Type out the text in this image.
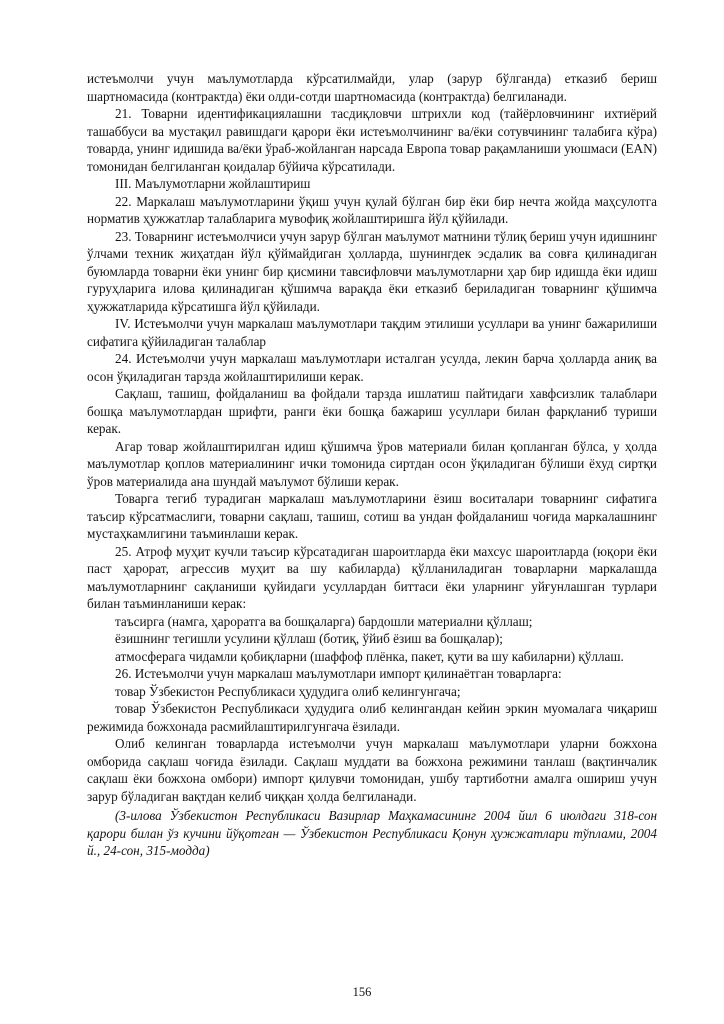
истеъмолчи учун маълумотларда кўрсатилмайди, улар (зарур бўлганда) етказиб бериш шартномасида (контрактда) ёки олди-сотди шартномасида (контрактда) белгиланади.

21. Товарни идентификациялашни тасдиқловчи штрихли код (тайёрловчининг ихтиёрий ташаббуси ва мустақил равишдаги қарори ёки истеъмолчининг ва/ёки сотувчининг талабига кўра) товарда, унинг идишида ва/ёки ўраб-жойланган нарсада Европа товар рақамланиши уюшмаси (EAN) томонидан белгиланган қоидалар бўйича кўрсатилади.

III. Маълумотларни жойлаштириш

22. Маркалаш маълумотларини ўқиш учун қулай бўлган бир ёки бир нечта жойда маҳсулотга норматив ҳужжатлар талабларига мувофиқ жойлаштиришга йўл қўйилади.

23. Товарнинг истеъмолчиси учун зарур бўлган маълумот матнини тўлиқ бериш учун идишнинг ўлчами техник жиҳатдан йўл қўймайдиган ҳолларда, шунингдек эсдалик ва совға қилинадиган буюмларда товарни ёки унинг бир қисмини тавсифловчи маълумотларни ҳар бир идишда ёки идиш гуруҳларига илова қилинадиган қўшимча варақда ёки етказиб бериладиган товарнинг қўшимча ҳужжатларида кўрсатишга йўл қўйилади.

IV. Истеъмолчи учун маркалаш маълумотлари тақдим этилиши усуллари ва унинг бажарилиши сифатига қўйиладиган талаблар

24. Истеъмолчи учун маркалаш маълумотлари исталган усулда, лекин барча ҳолларда аниқ ва осон ўқиладиган тарзда жойлаштирилиши керак.

Сақлаш, ташиш, фойдаланиш ва фойдали тарзда ишлатиш пайтидаги хавфсизлик талаблари бошқа маълумотлардан шрифти, ранги ёки бошқа бажариш усуллари билан фарқланиб туриши керак.

Агар товар жойлаштирилган идиш қўшимча ўров материали билан қопланган бўлса, у ҳолда маълумотлар қоплов материалининг ички томонида сиртдан осон ўқиладиган бўлиши ёхуд сиртқи ўров материалида ана шундай маълумот бўлиши керак.

Товарга тегиб турадиган маркалаш маълумотларини ёзиш воситалари товарнинг сифатига таъсир кўрсатмаслиги, товарни сақлаш, ташиш, сотиш ва ундан фойдаланиш чоғида маркалашнинг мустаҳкамлигини таъминлаши керак.

25. Атроф муҳит кучли таъсир кўрсатадиган шароитларда ёки махсус шароитларда (юқори ёки паст ҳарорат, агрессив муҳит ва шу кабиларда) қўлланиладиган товарларни маркалашда маълумотларнинг сақланиши қуйидаги усуллардан биттаси ёки уларнинг уйғунлашган турлари билан таъминланиши керак:

таъсирга (намга, ҳароратга ва бошқаларга) бардошли материални қўллаш;

ёзишнинг тегишли усулини қўллаш (ботиқ, ўйиб ёзиш ва бошқалар);

атмосферага чидамли қобиқларни (шаффоф плёнка, пакет, қути ва шу кабиларни) қўллаш.

26. Истеъмолчи учун маркалаш маълумотлари импорт қилинаётган товарларга:

товар Ўзбекистон Республикаси ҳудудига олиб келингунгача;

товар Ўзбекистон Республикаси ҳудудига олиб келингандан кейин эркин муомалага чиқариш режимида божхонада расмийлаштирилгунгача ёзилади.

Олиб келинган товарларда истеъмолчи учун маркалаш маълумотлари уларни божхона омборида сақлаш чоғида ёзилади. Сақлаш муддати ва божхона режимини танлаш (вақтинчалик сақлаш ёки божхона омбори) импорт қилувчи томонидан, ушбу тартиботни амалга ошириш учун зарур бўладиган вақтдан келиб чиққан ҳолда белгиланади.

(3-илова Ўзбекистон Республикаси Вазирлар Маҳкамасининг 2004 йил 6 июлдаги 318-сон қарори билан ўз кучини йўқотган — Ўзбекистон Республикаси Қонун ҳужжатлари тўплами, 2004 й., 24-сон, 315-модда)

156
